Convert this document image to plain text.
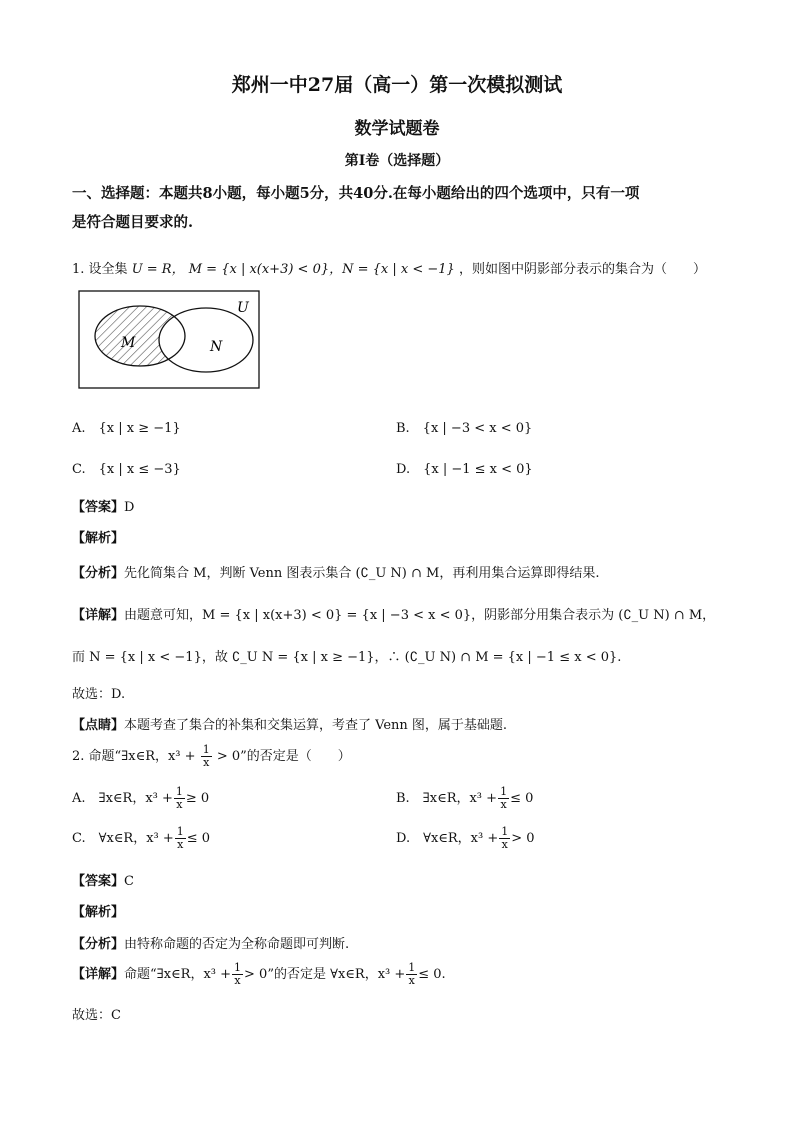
郑州一中27届（高一）第一次模拟测试
数学试题卷
第I卷（选择题）
一、选择题：本题共8小题，每小题5分，共40分.在每小题给出的四个选项中，只有一项
是符合题目要求的.
1. 设全集 U = R， M = {x | x(x+3) < 0}，N = {x | x < −1} ，则如图中阴影部分表示的集合为（　　）
U
M	N
A.　{x | x ≥ −1}	B.　{x | −3 < x < 0}
C.　{x | x ≤ −3}	D.　{x | −1 ≤ x < 0}
【答案】D
【解析】
【分析】先化简集合 M，判断 Venn 图表示集合 (∁_U N) ∩ M，再利用集合运算即得结果.
【详解】由题意可知，M = {x | x(x+3) < 0} = {x | −3 < x < 0}，阴影部分用集合表示为 (∁_U N) ∩ M，
而 N = {x | x < −1}，故 ∁_U N = {x | x ≥ −1}，∴ (∁_U N) ∩ M = {x | −1 ≤ x < 0}.
故选：D.
【点睛】本题考查了集合的补集和交集运算，考查了 Venn 图，属于基础题.
2. 命题“∃x∈R，$x^3 + \frac{1}{x} > 0$”的否定是（　　）
A.　∃x∈R，$x^3 + \frac{1}{x} \ge 0$	B.　∃x∈R，$x^3 + \frac{1}{x} \le 0$
C.　∀x∈R，$x^3 + \frac{1}{x} \le 0$	D.　∀x∈R，$x^3 + \frac{1}{x} > 0$
【答案】C
【解析】
【分析】由特称命题的否定为全称命题即可判断.
【详解】命题“∃x∈R，$x^3 + \frac{1}{x} > 0$”的否定是 ∀x∈R，$x^3 + \frac{1}{x} \le 0$.
故选：C
